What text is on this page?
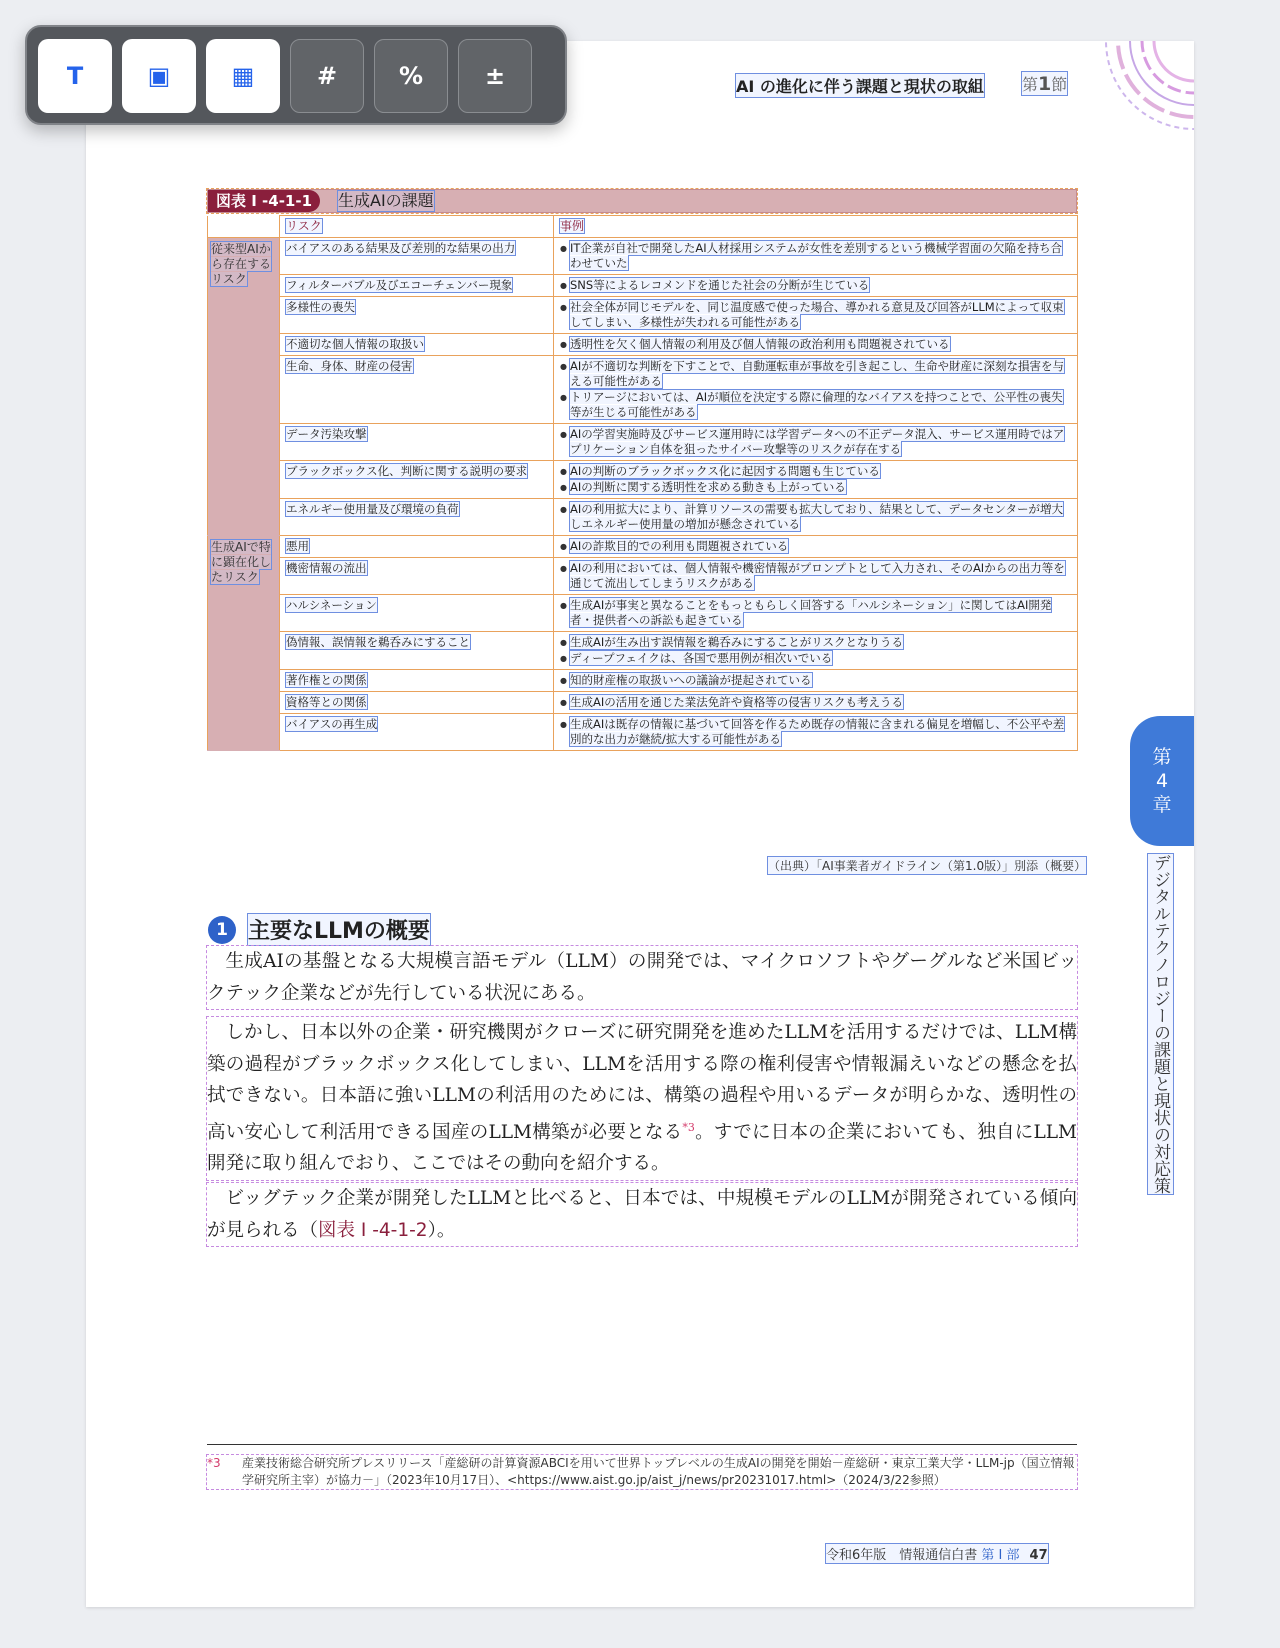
T	▣	▦	#	%	±	AI の進化に伴う課題と現状の取組 第1節
図表 I -4-1-1	生成AIの課題
	リスク	事例
従来型AIから存在するリスク	バイアスのある結果及び差別的な結果の出力	● IT企業が自社で開発したAI人材採用システムが女性を差別するという機械学習面の欠陥を持ち合わせていた

	フィルターバブル及びエコーチェンバー現象	● SNS等によるレコメンドを通じた社会の分断が生じている

	多様性の喪失	● 社会全体が同じモデルを、同じ温度感で使った場合、導かれる意見及び回答がLLMによって収束してしまい、多様性が失われる可能性がある

	不適切な個人情報の取扱い	● 透明性を欠く個人情報の利用及び個人情報の政治利用も問題視されている

	生命、身体、財産の侵害	● AIが不適切な判断を下すことで、自動運転車が事故を引き起こし、生命や財産に深刻な損害を与える可能性がある
● トリアージにおいては、AIが順位を決定する際に倫理的なバイアスを持つことで、公平性の喪失等が生じる可能性がある

	データ汚染攻撃	● AIの学習実施時及びサービス運用時には学習データへの不正データ混入、サービス運用時ではアプリケーション自体を狙ったサイバー攻撃等のリスクが存在する

	ブラックボックス化、判断に関する説明の要求	● AIの判断のブラックボックス化に起因する問題も生じている
● AIの判断に関する透明性を求める動きも上がっている

	エネルギー使用量及び環境の負荷	● AIの利用拡大により、計算リソースの需要も拡大しており、結果として、データセンターが増大しエネルギー使用量の増加が懸念されている

生成AIで特に顕在化したリスク	悪用	● AIの詐欺目的での利用も問題視されている

	機密情報の流出	● AIの利用においては、個人情報や機密情報がプロンプトとして入力され、そのAIからの出力等を通じて流出してしまうリスクがある

	ハルシネーション	● 生成AIが事実と異なることをもっともらしく回答する「ハルシネーション」に関してはAI開発者・提供者への訴訟も起きている

	偽情報、誤情報を鵜呑みにすること	● 生成AIが生み出す誤情報を鵜呑みにすることがリスクとなりうる
● ディープフェイクは、各国で悪用例が相次いでいる

	著作権との関係	● 知的財産権の取扱いへの議論が提起されている

	資格等との関係	● 生成AIの活用を通じた業法免許や資格等の侵害リスクも考えうる

	バイアスの再生成	● 生成AIは既存の情報に基づいて回答を作るため既存の情報に含まれる偏見を増幅し、不公平や差別的な出力が継続/拡大する可能性がある
（出典）「AI事業者ガイドライン（第1.0版）」別添（概要）
1 主要なLLMの概要
生成AIの基盤となる大規模言語モデル（LLM）の開発では、マイクロソフトやグーグルなど米国ビックテック企業などが先行している状況にある。
しかし、日本以外の企業・研究機関がクローズに研究開発を進めたLLMを活用するだけでは、LLM構築の過程がブラックボックス化してしまい、LLMを活用する際の権利侵害や情報漏えいなどの懸念を払拭できない。日本語に強いLLMの利活用のためには、構築の過程や用いるデータが明らかな、透明性の高い安心して利活用できる国産のLLM構築が必要となる$^{*3}$。すでに日本の企業においても、独自にLLM開発に取り組んでおり、ここではその動向を紹介する。
ビッグテック企業が開発したLLMと比べると、日本では、中規模モデルのLLMが開発されている傾向が見られる（図表 I -4-1-2）。
*3 産業技術総合研究所プレスリリース「産総研の計算資源ABCIを用いて世界トップレベルの生成AIの開発を開始－産総研・東京工業大学・LLM-jp（国立情報学研究所主宰）が協力－」（2023年10月17日）、<https://www.aist.go.jp/aist_j/news/pr20231017.html>（2024/3/22参照）
令和6年版　情報通信白書 第 I 部 47
第
4
章
デジタルテクノロジーの課題と現状の対応策
